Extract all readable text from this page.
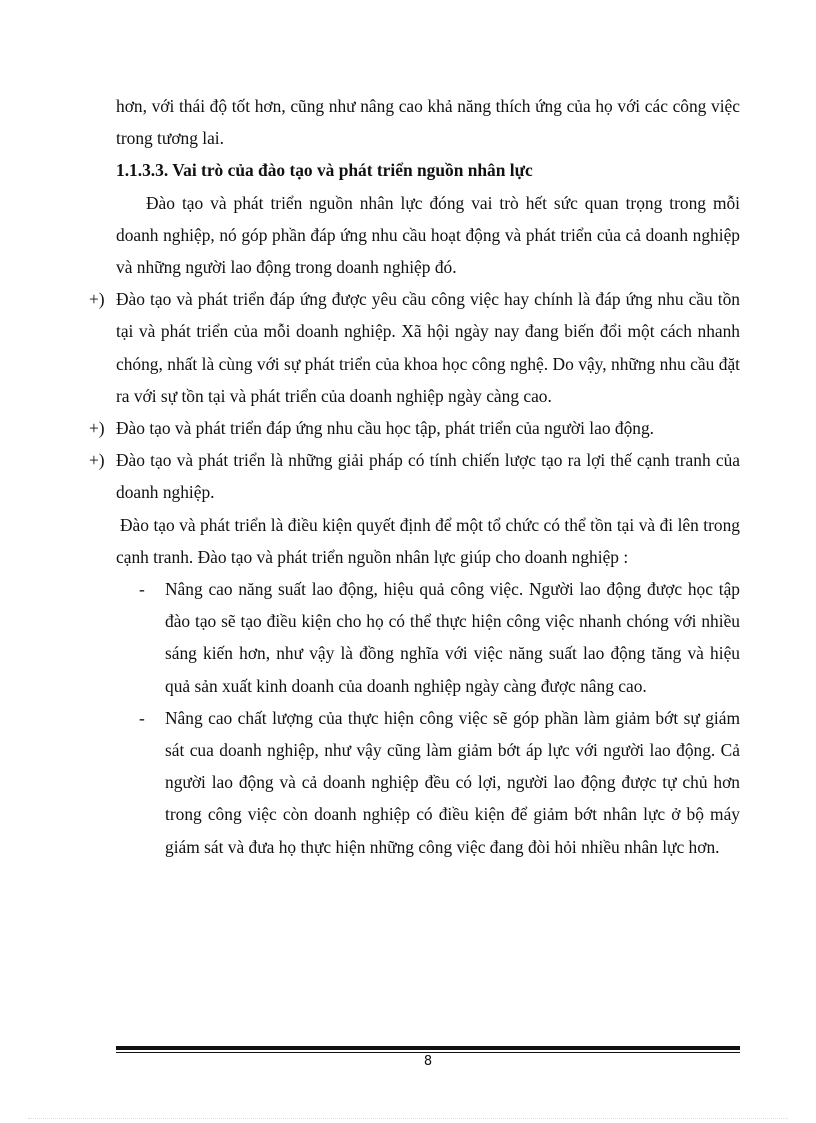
hơn, với thái độ tốt hơn, cũng như nâng cao khả năng thích ứng của họ với các công việc trong tương lai.

1.1.3.3. Vai trò của đào tạo và phát triển nguồn nhân lực

Đào tạo và phát triển nguồn nhân lực đóng vai trò hết sức quan trọng trong mỗi doanh nghiệp, nó góp phần đáp ứng nhu cầu hoạt động và phát triển của cả doanh nghiệp và những người lao động trong doanh nghiệp đó.

+) Đào tạo và phát triển đáp ứng được yêu cầu công việc hay chính là đáp ứng nhu cầu tồn tại và phát triển của mỗi doanh nghiệp. Xã hội ngày nay đang biến đổi một cách nhanh chóng, nhất là cùng với sự phát triển của khoa học công nghệ. Do vậy, những nhu cầu đặt ra với sự tồn tại và phát triển của doanh nghiệp ngày càng cao.

+) Đào tạo và phát triển đáp ứng nhu cầu học tập, phát triển của người lao động.

+) Đào tạo và phát triển là những giải pháp có tính chiến lược tạo ra lợi thế cạnh tranh của doanh nghiệp.

Đào tạo và phát triển là điều kiện quyết định để một tổ chức có thể tồn tại và đi lên trong cạnh tranh. Đào tạo và phát triển nguồn nhân lực giúp cho doanh nghiệp :

- Nâng cao năng suất lao động, hiệu quả công việc. Người lao động được học tập đào tạo sẽ tạo điều kiện cho họ có thể thực hiện công việc nhanh chóng với nhiều sáng kiến hơn, như vậy là đồng nghĩa với việc năng suất lao động tăng và hiệu quả sản xuất kinh doanh của doanh nghiệp ngày càng được nâng cao.

- Nâng cao chất lượng của thực hiện công việc sẽ góp phần làm giảm bớt sự giám sát cua doanh nghiệp, như vậy cũng làm giảm bớt áp lực với người lao động. Cả người lao động và cả doanh nghiệp đều có lợi, người lao động được tự chủ hơn trong công việc còn doanh nghiệp có điều kiện để giảm bớt nhân lực ở bộ máy giám sát và đưa họ thực hiện những công việc đang đòi hỏi nhiều nhân lực hơn.

8
